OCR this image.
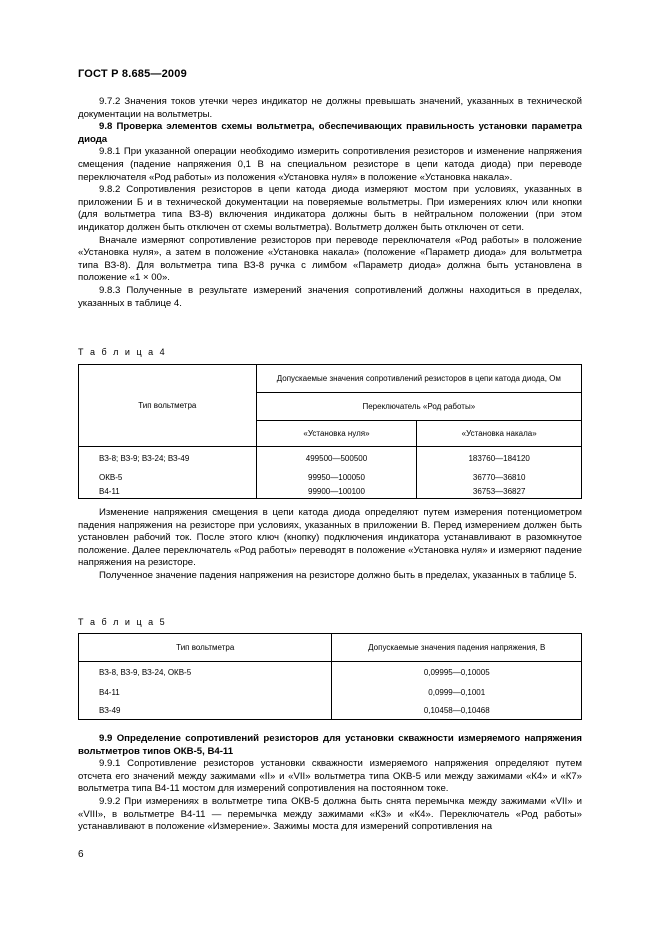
ГОСТ Р 8.685—2009

9.7.2 Значения токов утечки через индикатор не должны превышать значений, указанных в технической документации на вольтметры.

9.8 Проверка элементов схемы вольтметра, обеспечивающих правильность установки параметра диода

9.8.1 При указанной операции необходимо измерить сопротивления резисторов и изменение напряжения смещения (падение напряжения 0,1 В на специальном резисторе в цепи катода диода) при переводе переключателя «Род работы» из положения «Установка нуля» в положение «Установка накала».

9.8.2 Сопротивления резисторов в цепи катода диода измеряют мостом при условиях, указанных в приложении Б и в технической документации на поверяемые вольтметры. При измерениях ключ или кнопки (для вольтметра типа ВЗ-8) включения индикатора должны быть в нейтральном положении (при этом индикатор должен быть отключен от схемы вольтметра). Вольтметр должен быть отключен от сети.

Вначале измеряют сопротивление резисторов при переводе переключателя «Род работы» в положение «Установка нуля», а затем в положение «Установка накала» (положение «Параметр диода» для вольтметра типа ВЗ-8). Для вольтметра типа ВЗ-8 ручка с лимбом «Параметр диода» должна быть установлена в положение «1 × 00».

9.8.3 Полученные в результате измерений значения сопротивлений должны находиться в пределах, указанных в таблице 4.

Т а б л и ц а 4
Тип вольтметра	Допускаемые значения сопротивлений резисторов в цепи катода диода, Ом	
	Переключатель «Род работы»	
	«Установка нуля»	«Установка накала»
ВЗ-8; ВЗ-9; ВЗ-24; ВЗ-49	499500—500500	183760—184120
ОКВ-5	99950—100050	36770—36810
В4-11	99900—100100	36753—36827

Изменение напряжения смещения в цепи катода диода определяют путем измерения потенциометром падения напряжения на резисторе при условиях, указанных в приложении В. Перед измерением должен быть установлен рабочий ток. После этого ключ (кнопку) подключения индикатора устанавливают в разомкнутое положение. Далее переключатель «Род работы» переводят в положение «Установка нуля» и измеряют падение напряжения на резисторе.

Полученное значение падения напряжения на резисторе должно быть в пределах, указанных в таблице 5.

Т а б л и ц а 5
Тип вольтметра	Допускаемые значения падения напряжения, В
ВЗ-8, ВЗ-9, ВЗ-24, ОКВ-5	0,09995—0,10005
В4-11	0,0999—0,1001
ВЗ-49	0,10458—0,10468

9.9 Определение сопротивлений резисторов для установки скважности измеряемого напряжения вольтметров типов ОКВ-5, В4-11

9.9.1 Сопротивление резисторов установки скважности измеряемого напряжения определяют путем отсчета его значений между зажимами «II» и «VII» вольтметра типа ОКВ-5 или между зажимами «К4» и «К7» вольтметра типа В4-11 мостом для измерений сопротивления на постоянном токе.

9.9.2 При измерениях в вольтметре типа ОКВ-5 должна быть снята перемычка между зажимами «VII» и «VIII», в вольтметре В4-11 — перемычка между зажимами «К3» и «К4». Переключатель «Род работы» устанавливают в положение «Измерение». Зажимы моста для измерений сопротивления на

6
